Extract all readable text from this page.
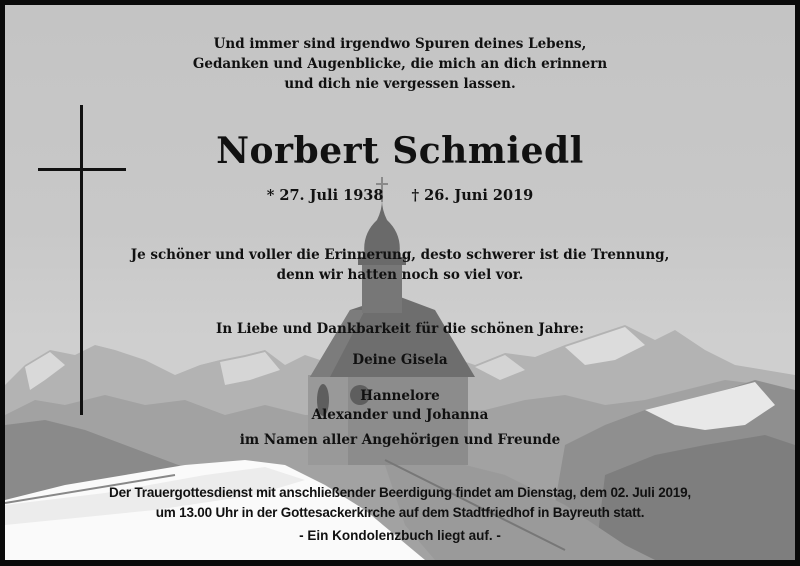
Und immer sind irgendwo Spuren deines Lebens,
Gedanken und Augenblicke, die mich an dich erinnern
und dich nie vergessen lassen.
Norbert Schmiedl
* 27. Juli 1938 † 26. Juni 2019
Je schöner und voller die Erinnerung, desto schwerer ist die Trennung,
denn wir hatten noch so viel vor.
In Liebe und Dankbarkeit für die schönen Jahre:
Deine Gisela
Hannelore
Alexander und Johanna
im Namen aller Angehörigen und Freunde
Der Trauergottesdienst mit anschließender Beerdigung findet am Dienstag, dem 02. Juli 2019,
um 13.00 Uhr in der Gottesackerkirche auf dem Stadtfriedhof in Bayreuth statt.
- Ein Kondolenzbuch liegt auf. -
